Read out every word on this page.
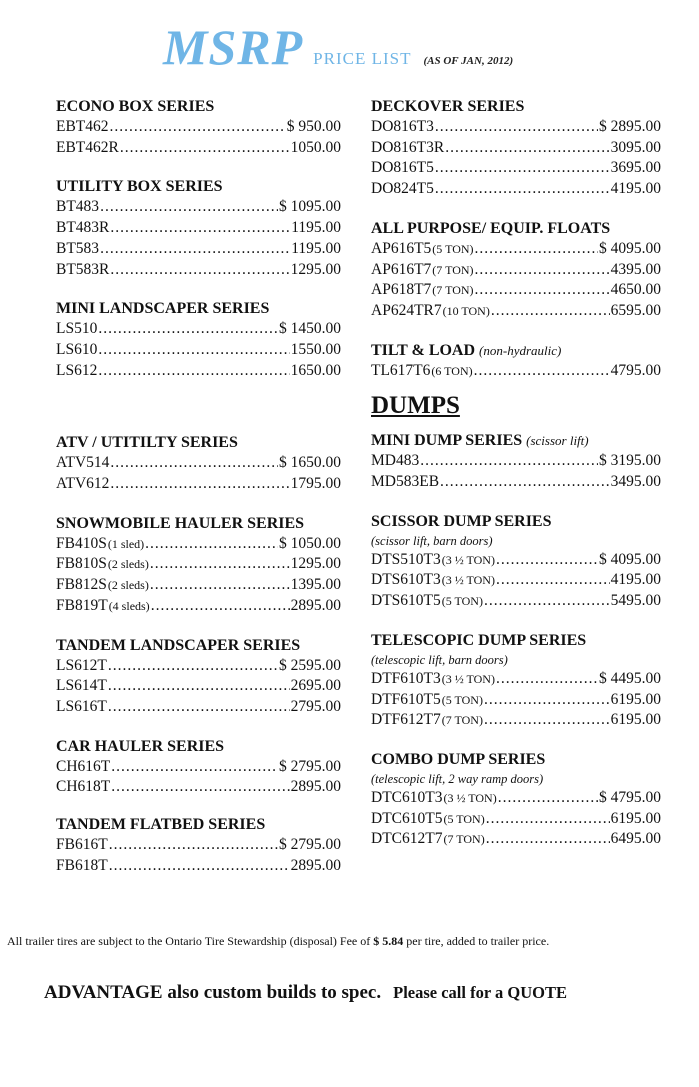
MSRP PRICE LIST (AS OF JAN, 2012)
ECONO BOX SERIES
EBT462 .....	$ 950.00
EBT462R .....	1050.00
UTILITY BOX SERIES
BT483 .....	$ 1095.00
BT483R .....	1195.00
BT583 .....	1195.00
BT583R .....	1295.00
MINI LANDSCAPER SERIES
LS510 .....	$ 1450.00
LS610 .....	1550.00
LS612 .....	1650.00
ATV / UTITILTY SERIES
ATV514 .....	$ 1650.00
ATV612 .....	1795.00
SNOWMOBILE HAULER SERIES
FB410S (1 sled) .....	$ 1050.00
FB810S (2 sleds) .....	1295.00
FB812S (2 sleds) .....	1395.00
FB819T (4 sleds) .....	2895.00
TANDEM LANDSCAPER SERIES
LS612T .....	$ 2595.00
LS614T .....	2695.00
LS616T .....	2795.00
CAR HAULER SERIES
CH616T .....	$ 2795.00
CH618T .....	2895.00
TANDEM FLATBED SERIES
FB616T .....	$ 2795.00
FB618T .....	2895.00
DECKOVER SERIES
DO816T3 .....	$ 2895.00
DO816T3R .....	3095.00
DO816T5 .....	3695.00
DO824T5 .....	4195.00
ALL PURPOSE/ EQUIP. FLOATS
AP616T5 (5 TON) .....	$ 4095.00
AP616T7 (7 TON) .....	4395.00
AP618T7 (7 TON) .....	4650.00
AP624TR7 (10 TON) .....	6595.00
TILT & LOAD (non-hydraulic)
TL617T6 (6 TON) .....	4795.00
DUMPS
MINI DUMP SERIES (scissor lift)
MD483 .....	$ 3195.00
MD583EB .....	3495.00
SCISSOR DUMP SERIES
(scissor lift, barn doors)
DTS510T3 (3 ½ TON) .....	$ 4095.00
DTS610T3 (3 ½ TON) .....	4195.00
DTS610T5 (5 TON) .....	5495.00
TELESCOPIC DUMP SERIES
(telescopic lift, barn doors)
DTF610T3 (3 ½ TON) .....	$ 4495.00
DTF610T5 (5 TON) .....	6195.00
DTF612T7 (7 TON) .....	6195.00
COMBO DUMP SERIES
(telescopic lift, 2 way ramp doors)
DTC610T3 (3 ½ TON) .....	$ 4795.00
DTC610T5 (5 TON) .....	6195.00
DTC612T7 (7 TON) .....	6495.00
All trailer tires are subject to the Ontario Tire Stewardship (disposal) Fee of $ 5.84 per tire, added to trailer price.
ADVANTAGE also custom builds to spec. Please call for a QUOTE
